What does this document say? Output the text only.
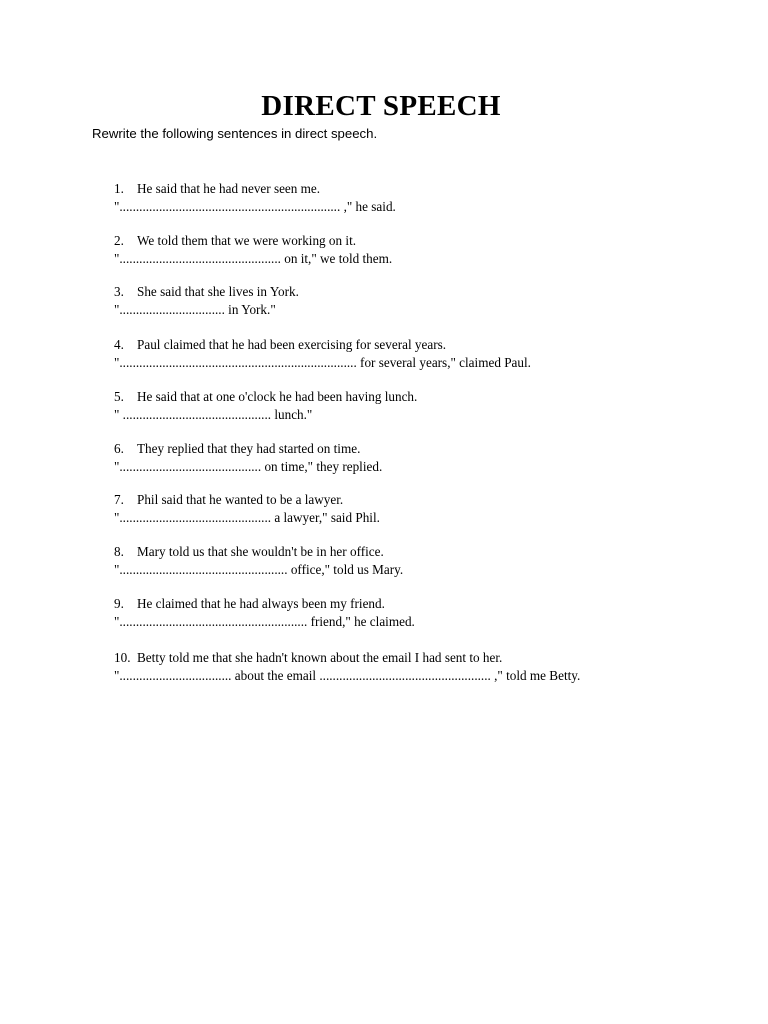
DIRECT SPEECH
Rewrite the following sentences in direct speech.
1. He said that he had never seen me.
"................................................................... ," he said.
2. We told them that we were working on it.
"................................................. on it," we told them.
3. She said that she lives in York.
"................................ in York."
4. Paul claimed that he had been exercising for several years.
"........................................................................ for several years," claimed Paul.
5. He said that at one o'clock he had been having lunch.
" ............................................. lunch."
6. They replied that they had started on time.
"........................................... on time," they replied.
7. Phil said that he wanted to be a lawyer.
".............................................. a lawyer," said Phil.
8. Mary told us that she wouldn't be in her office.
"................................................... office," told us Mary.
9. He claimed that he had always been my friend.
"......................................................... friend," he claimed.
10. Betty told me that she hadn't known about the email I had sent to her.
".................................. about the email .................................................... ," told me Betty.
